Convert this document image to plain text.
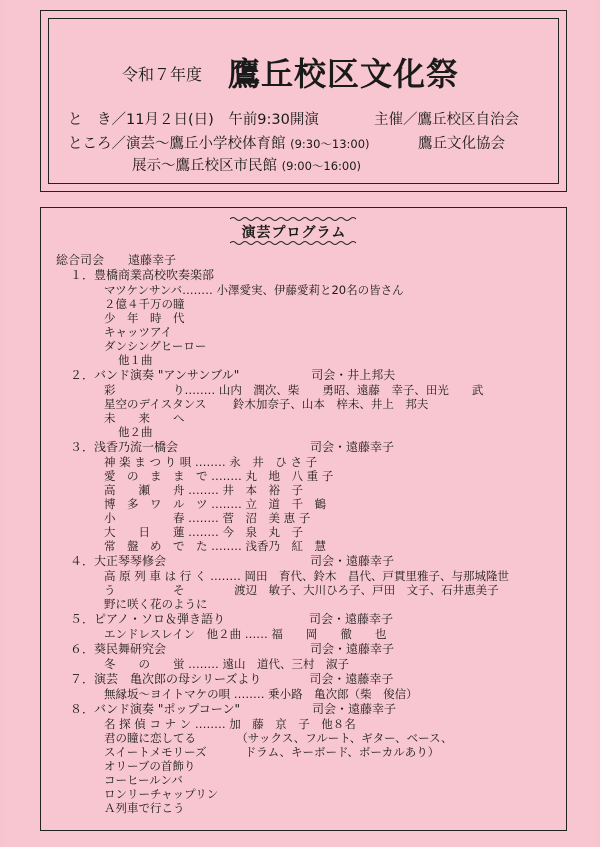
令和７年度 鷹丘校区文化祭
と　き／11月２日(日)　午前9:30開演	主催／鷹丘校区自治会
ところ／演芸～鷹丘小学校体育館 (9:30～13:00)	鷹丘文化協会
展示～鷹丘校区市民館 (9:00～16:00)
演芸プログラム
総合司会　　遠藤幸子
１．豊橋商業高校吹奏楽部
マツケンサンバ‥‥‥‥ 小澤愛実、伊藤愛莉と20名の皆さん
２億４千万の瞳
少　年　時　代
キャッツアイ
ダンシングヒーロー
他１曲
２．バンド演奏 "アンサンブル"　　　　　　司会・井上邦夫
彩　　　　　り‥‥‥‥ 山内　潤次、柴　　勇昭、遠藤　幸子、田光　　武
星空のデイスタンス　　 鈴木加奈子、山本　梓未、井上　邦夫
未　　来　　へ
他２曲
３．浅香乃流一橋会　　　　　　　　　　　司会・遠藤幸子
神 楽 ま つ り 唄 ‥‥‥‥ 永　井　ひ さ 子
愛　の　ま　ま　で ‥‥‥‥ 丸　地　八 重 子
高　　瀬　　舟 ‥‥‥‥ 井　本　裕　子
博　多　ワ　ル　ツ ‥‥‥‥ 立　道　千　鶴
小　　　　　春 ‥‥‥‥ 菅　沼　美 恵 子
大　　日　　蓮 ‥‥‥‥ 今　泉　丸　子
常　盤　め　で　た ‥‥‥‥ 浅香乃　紅　慧
４．大正琴琴修会　　　　　　　　　　　　司会・遠藤幸子
高 原 列 車 は 行 く ‥‥‥‥ 岡田　育代、鈴木　昌代、戸貫里雅子、与那城隆世
う　　　　　そ　　　　 渡辺　敏子、大川ひろ子、戸田　文子、石井恵美子
野に咲く花のように
５．ピアノ・ソロ＆弾き語り　　　　　　　司会・遠藤幸子
エンドレスレイン　他２曲 ‥‥‥ 福　　岡　　徹　　也
６．葵民舞研究会　　　　　　　　　　　　司会・遠藤幸子
冬　　の　　蛍 ‥‥‥‥ 遠山　道代、三村　淑子
７．演芸　亀次郎の母シリーズより　　　　司会・遠藤幸子
無縁坂～ヨイトマケの唄 ‥‥‥‥ 乗小路　亀次郎（柴　俊信）
８．バンド演奏 "ポップコーン"　　　　　　司会・遠藤幸子
名 探 偵 コ ナ ン ‥‥‥‥ 加　藤　京　子　他８名
君の瞳に恋してる　　　　（サックス、フルート、ギター、ベース、
スイートメモリーズ　　　 ドラム、キーボード、ボーカルあり）
オリーブの首飾り
コーヒールンバ
ロンリーチャップリン
Ａ列車で行こう
